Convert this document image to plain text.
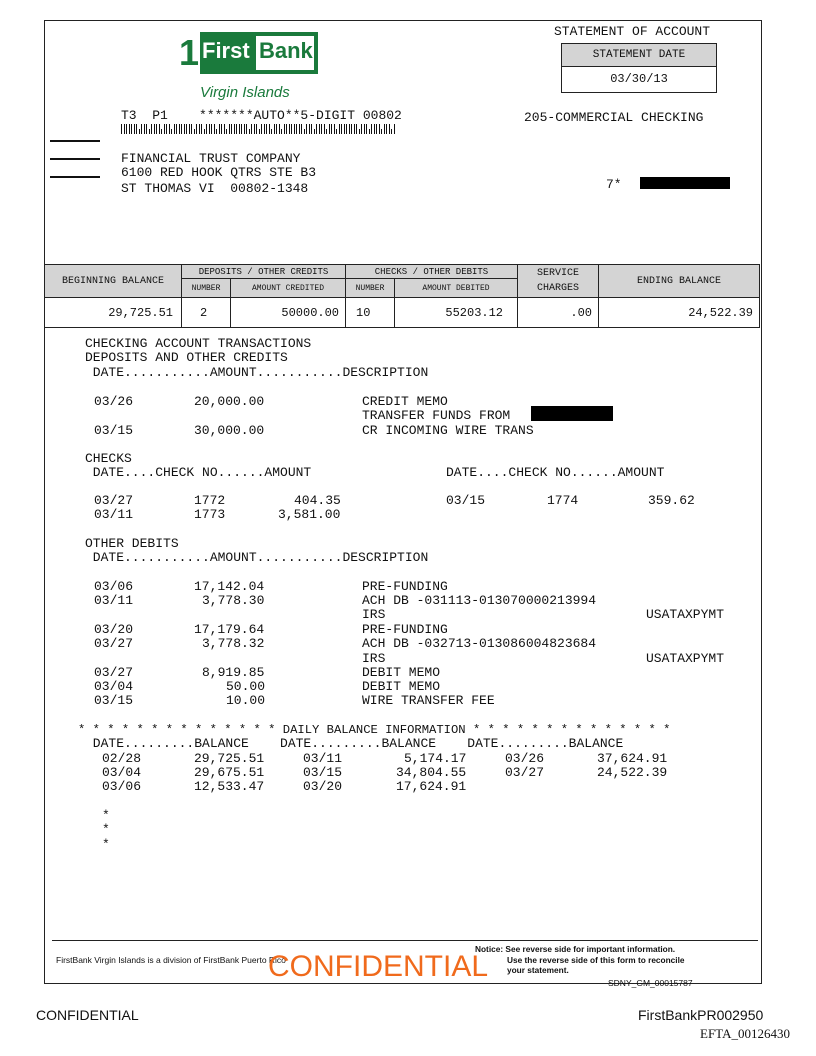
1 First Bank
Virgin Islands
STATEMENT OF ACCOUNT
STATEMENT DATE
03/30/13
T3  P1    *******AUTO**5-DIGIT 00802	205-COMMERCIAL CHECKING
FINANCIAL TRUST COMPANY
6100 RED HOOK QTRS STE B3
ST THOMAS VI  00802-1348	7*
BEGINNING BALANCE	DEPOSITS / OTHER CREDITS		CHECKS / OTHER DEBITS		SERVICE
CHARGES	ENDING BALANCE
	NUMBER	AMOUNT CREDITED	NUMBER	AMOUNT DEBITED		
29,725.51	2	50000.00	10	55203.12	.00	24,522.39
CHECKING ACCOUNT TRANSACTIONS
DEPOSITS AND OTHER CREDITS
DATE...........AMOUNT...........DESCRIPTION
03/26	20,000.00	CREDIT MEMO
TRANSFER FUNDS FROM
03/15	30,000.00	CR INCOMING WIRE TRANS
CHECKS
DATE....CHECK NO......AMOUNT	DATE....CHECK NO......AMOUNT
03/27	1772	404.35	03/15	1774	359.62
03/11	1773	3,581.00
OTHER DEBITS
DATE...........AMOUNT...........DESCRIPTION
03/06	17,142.04	PRE-FUNDING
03/11	3,778.30	ACH DB -031113-013070000213994
IRS	USATAXPYMT
03/20	17,179.64	PRE-FUNDING
03/27	3,778.32	ACH DB -032713-013086004823684
IRS	USATAXPYMT
03/27	8,919.85	DEBIT MEMO
03/04	50.00	DEBIT MEMO
03/15	10.00	WIRE TRANSFER FEE
* * * * * * * * * * * * * * DAILY BALANCE INFORMATION * * * * * * * * * * * * * *
DATE.........BALANCE    DATE.........BALANCE    DATE.........BALANCE
02/28	29,725.51	03/11	5,174.17	03/26	37,624.91
03/04	29,675.51	03/15	34,804.55	03/27	24,522.39
03/06	12,533.47	03/20	17,624.91
*
*
*
FirstBank Virgin Islands is a division of FirstBank Puerto Rico
Notice: See reverse side for important information.
Use the reverse side of this form to reconcile
your statement.
SDNY_GM_00015787
CONFIDENTIAL
CONFIDENTIAL	FirstBankPR002950
EFTA_00126430
